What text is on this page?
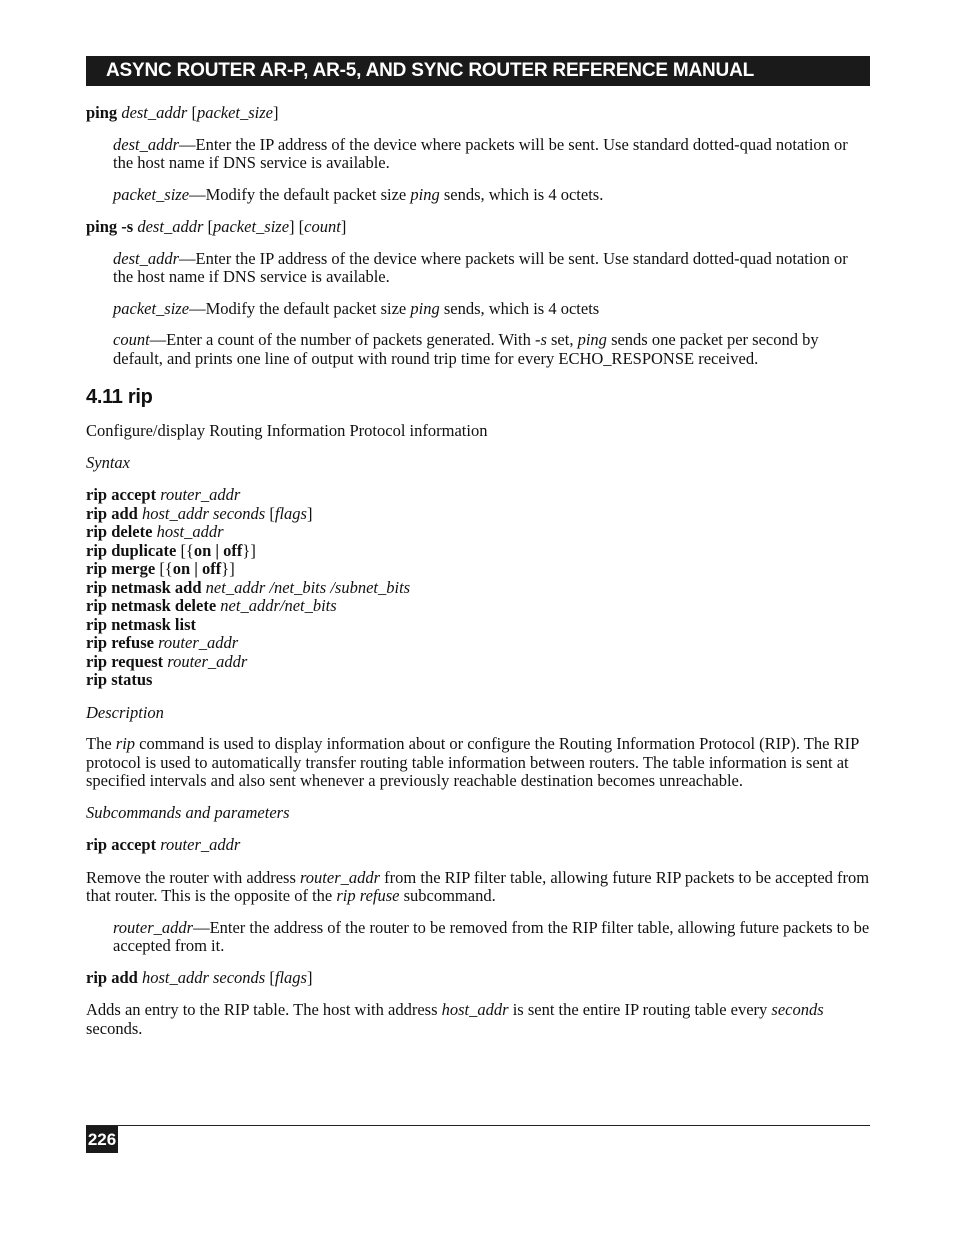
ASYNC ROUTER AR-P, AR-5, AND SYNC ROUTER REFERENCE MANUAL

ping dest_addr [packet_size]

dest_addr—Enter the IP address of the device where packets will be sent. Use standard dotted-quad notation or the host name if DNS service is available.

packet_size—Modify the default packet size ping sends, which is 4 octets.

ping -s dest_addr [packet_size] [count]

dest_addr—Enter the IP address of the device where packets will be sent. Use standard dotted-quad notation or the host name if DNS service is available.

packet_size—Modify the default packet size ping sends, which is 4 octets

count—Enter a count of the number of packets generated. With -s set, ping sends one packet per second by default, and prints one line of output with round trip time for every ECHO_RESPONSE received.

4.11 rip

Configure/display Routing Information Protocol information

Syntax

rip accept router_addr

rip add host_addr seconds [flags]

rip delete host_addr

rip duplicate [{on | off}]

rip merge [{on | off}]

rip netmask add net_addr /net_bits /subnet_bits

rip netmask delete net_addr/net_bits

rip netmask list

rip refuse router_addr

rip request router_addr

rip status

Description

The rip command is used to display information about or configure the Routing Information Protocol (RIP). The RIP protocol is used to automatically transfer routing table information between routers. The table information is sent at specified intervals and also sent whenever a previously reachable destination becomes unreachable.

Subcommands and parameters

rip accept router_addr

Remove the router with address router_addr from the RIP filter table, allowing future RIP packets to be accepted from that router. This is the opposite of the rip refuse subcommand.

router_addr—Enter the address of the router to be removed from the RIP filter table, allowing future packets to be accepted from it.

rip add host_addr seconds [flags]

Adds an entry to the RIP table. The host with address host_addr is sent the entire IP routing table every seconds seconds.

226
